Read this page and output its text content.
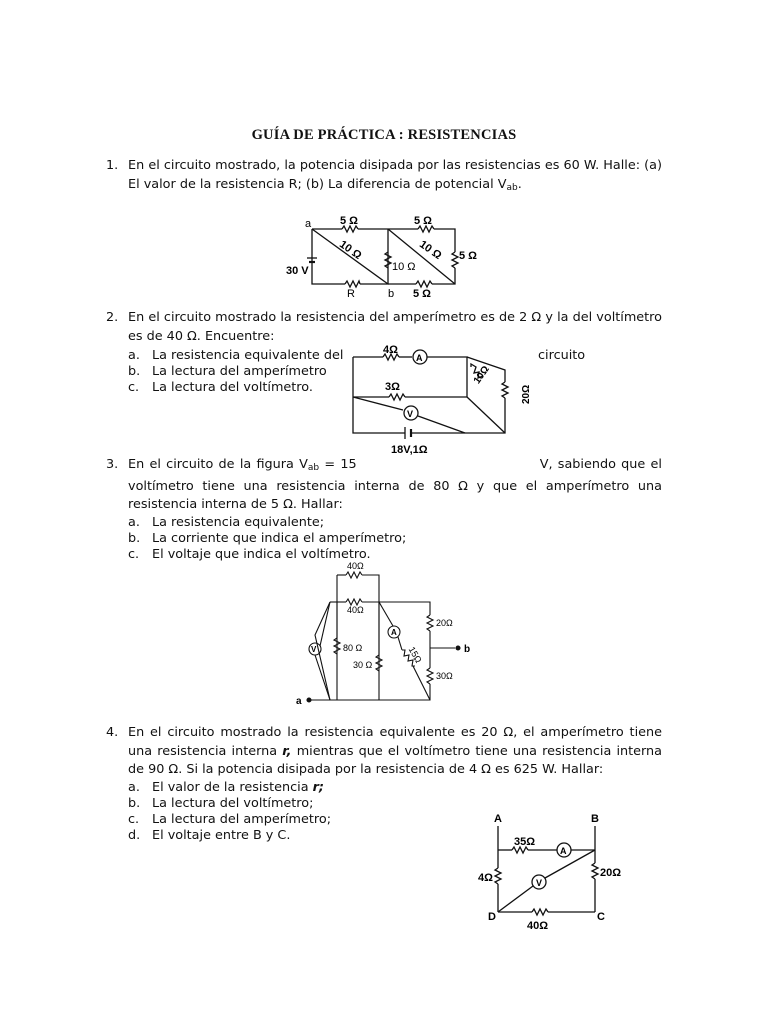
GUÍA DE PRÁCTICA : RESISTENCIAS
1. En el circuito mostrado, la potencia disipada por las resistencias es 60 W. Halle: (a) El valor de la resistencia R; (b) La diferencia de potencial $V_{ab}$.
a	5 Ω	5 Ω
10 Ω	10 Ω
10 Ω
5 Ω
5 Ω
R	b
30 V
2. En el circuito mostrado la resistencia del amperímetro es de 2 Ω y la del voltímetro es de 40 Ω. Encuentre:
a. La resistencia equivalente del	circuito
b. La lectura del amperímetro
c. La lectura del voltímetro.
4Ω
A
3Ω
V
10Ω
20Ω
18V,1Ω
3. En el circuito de la figura $V_{ab} = 15$	V, sabiendo que el voltímetro tiene una resistencia interna de 80 Ω y que el amperímetro una resistencia interna de 5 Ω. Hallar:
a. La resistencia equivalente;
b. La corriente que indica el amperímetro;
c. El voltaje que indica el voltímetro.
40Ω
40Ω
80 Ω
30 Ω
15Ω
20Ω
30Ω
b
a
A
V
4. En el circuito mostrado la resistencia equivalente es 20 Ω, el amperímetro tiene una resistencia interna r, mientras que el voltímetro tiene una resistencia interna de 90 Ω. Si la potencia disipada por la resistencia de 4 Ω es 625 W. Hallar:
a. El valor de la resistencia r;
b. La lectura del voltímetro;
c. La lectura del amperímetro;
d. El voltaje entre B y C.
A	B
C
D
35Ω
A
V
4Ω	20Ω
40Ω
